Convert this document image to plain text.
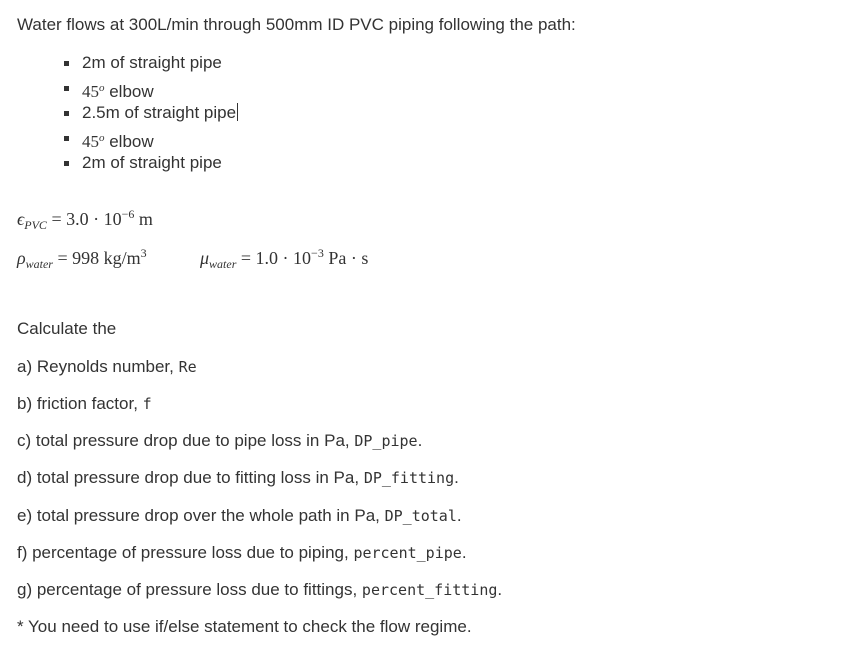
Water flows at 300L/min through 500mm ID PVC piping following the path:
2m of straight pipe
45$^o$ elbow
2.5m of straight pipe
45$^o$ elbow
2m of straight pipe
$\epsilon_{PVC} = 3.0 \cdot 10^{-6}$ m
$\rho_{water} = 998$ $kg/m^3$	$\mu_{water} = 1.0 \cdot 10^{-3}$ Pa · s
Calculate the
a) Reynolds number, Re
b) friction factor, f
c) total pressure drop due to pipe loss in Pa, DP_pipe.
d) total pressure drop due to fitting loss in Pa, DP_fitting.
e) total pressure drop over the whole path in Pa, DP_total.
f) percentage of pressure loss due to piping, percent_pipe.
g) percentage of pressure loss due to fittings, percent_fitting.
* You need to use if/else statement to check the flow regime.
